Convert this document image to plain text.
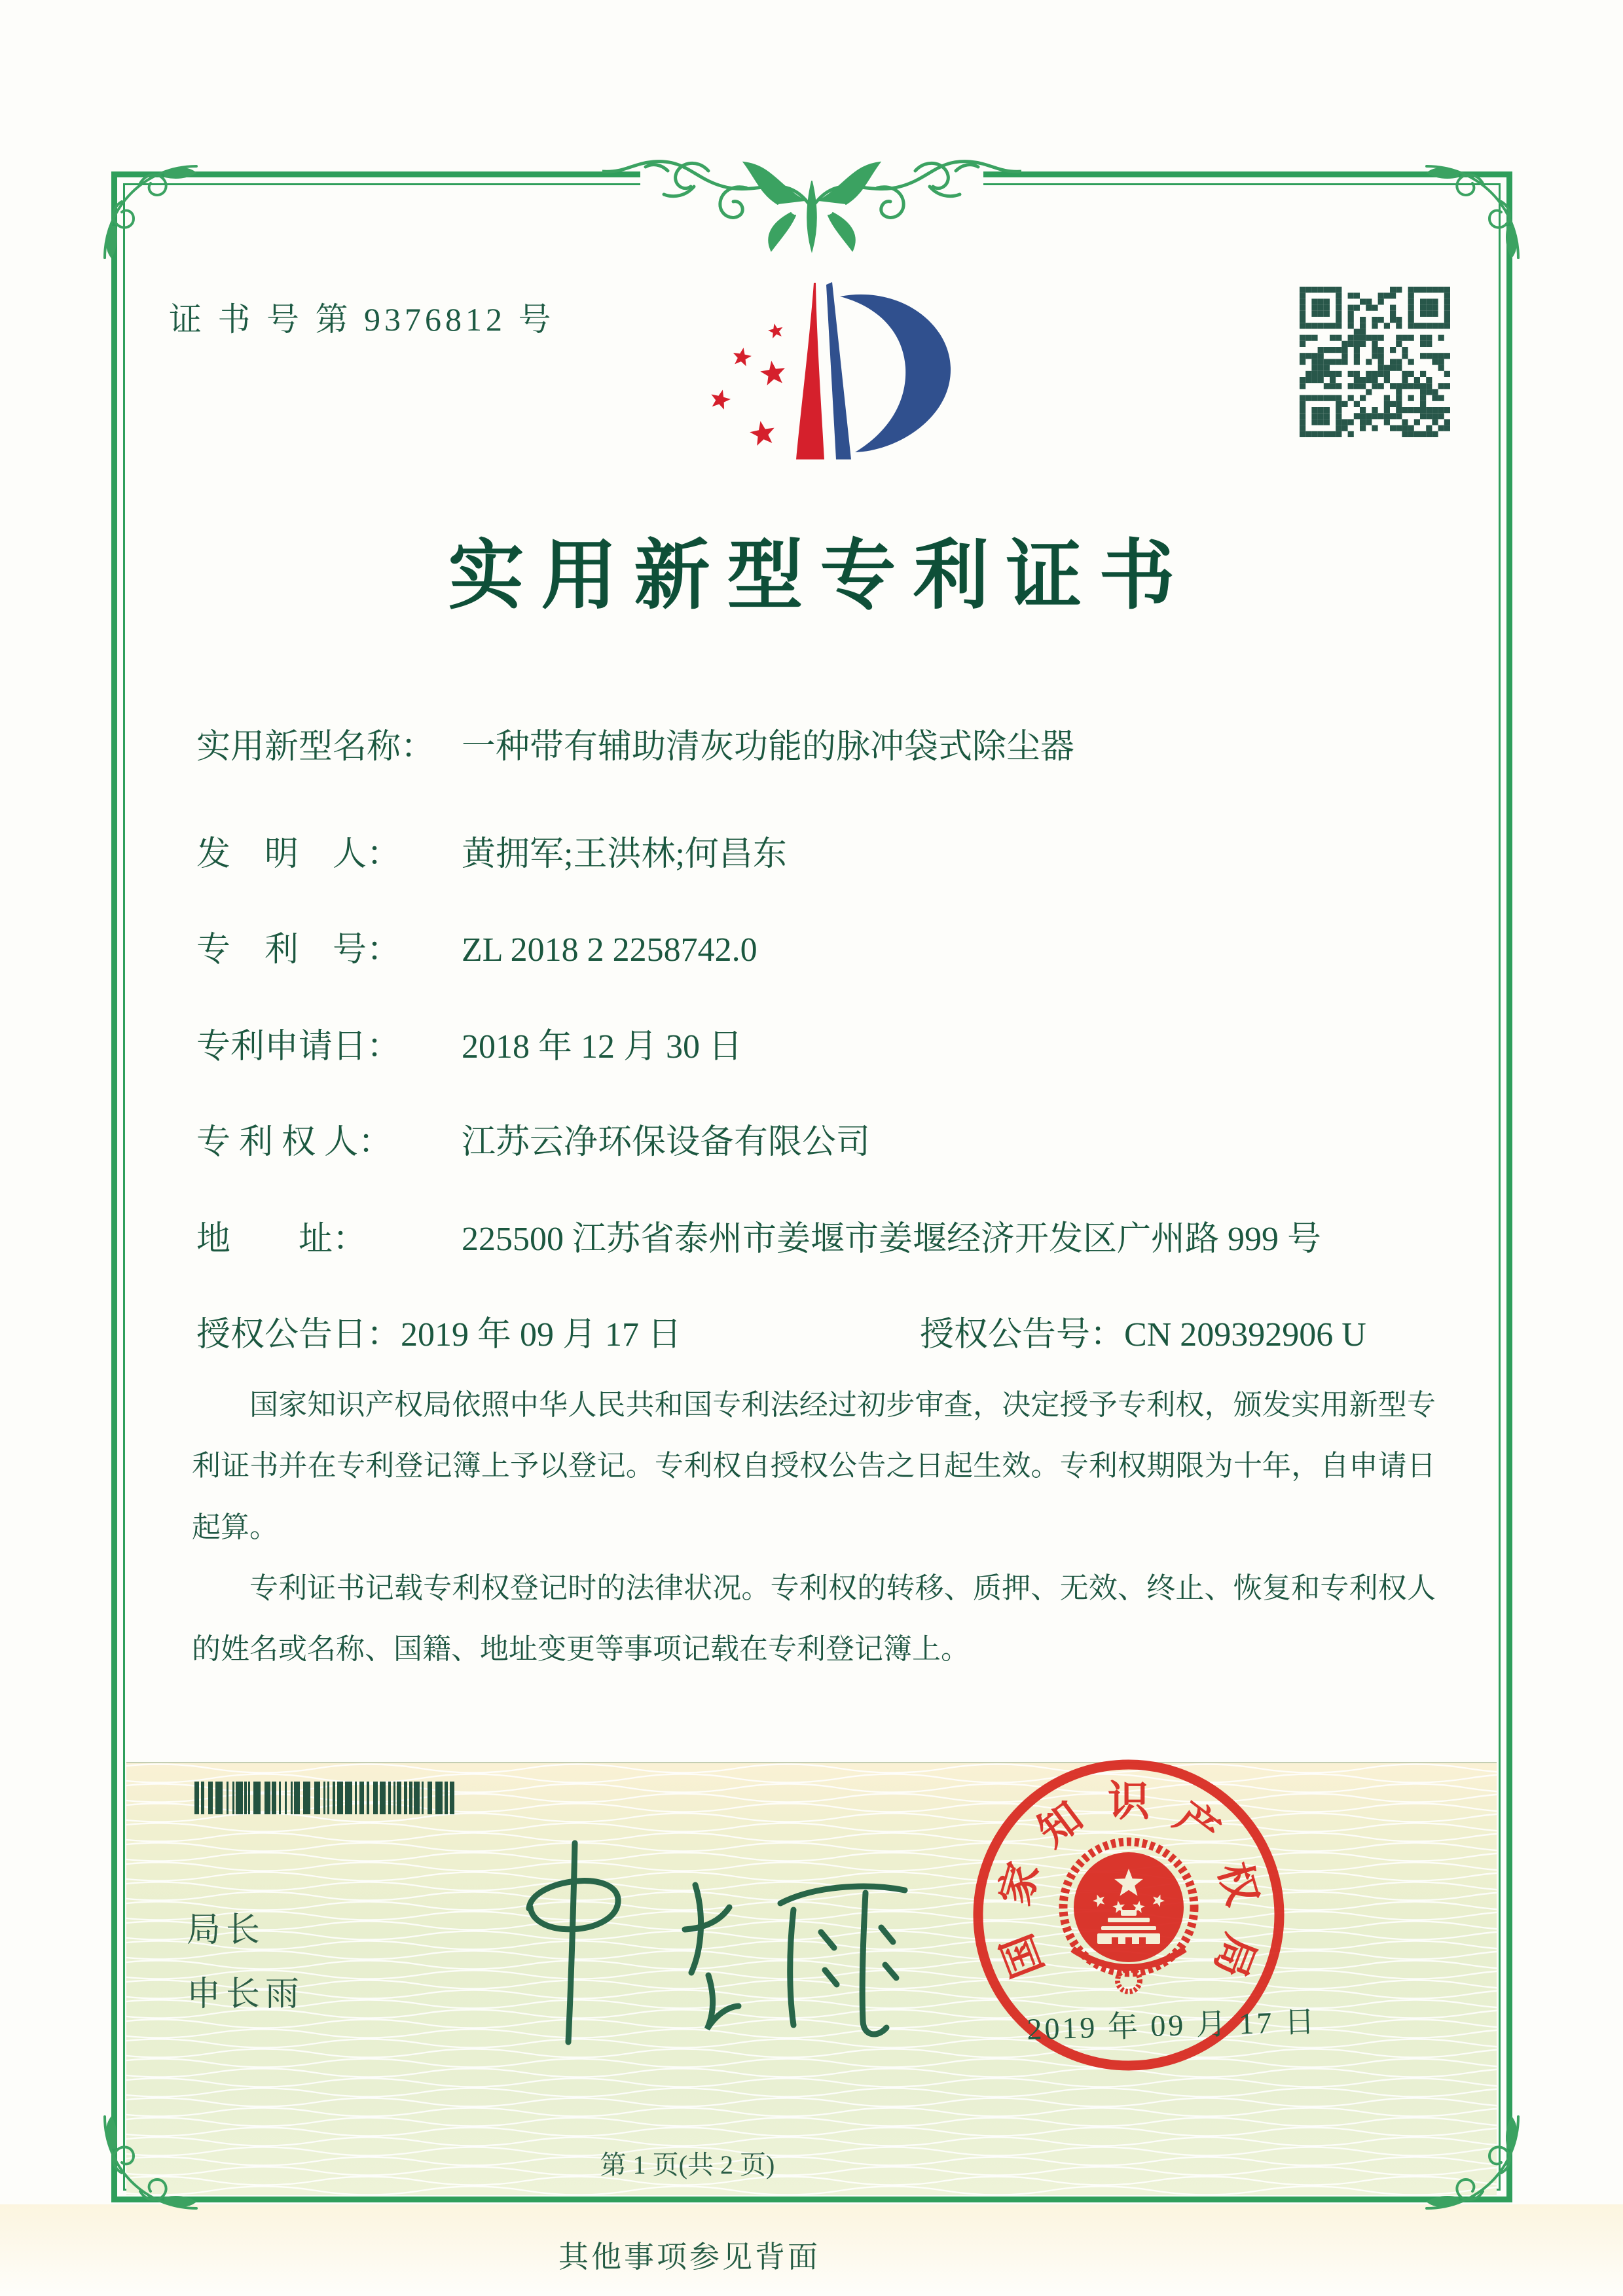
证 书 号 第 9376812 号
实用新型专利证书
实用新型名称： 一种带有辅助清灰功能的脉冲袋式除尘器
发　明　人： 黄拥军;王洪林;何昌东
专　利　号： ZL 2018 2 2258742.0
专利申请日： 2018 年 12 月 30 日
专 利 权 人： 江苏云净环保设备有限公司
地　　址：	225500 江苏省泰州市姜堰市姜堰经济开发区广州路 999 号
授权公告日：2019 年 09 月 17 日	授权公告号：CN 209392906 U

国家知识产权局依照中华人民共和国专利法经过初步审查，决定授予专利权，颁发实用新型专利证书并在专利登记簿上予以登记。专利权自授权公告之日起生效。专利权期限为十年，自申请日起算。

专利证书记载专利权登记时的法律状况。专利权的转移、质押、无效、终止、恢复和专利权人的姓名或名称、国籍、地址变更等事项记载在专利登记簿上。

局长
申长雨
国
家
知 识 产
权
局
2019 年 09 月 17 日
第 1 页(共 2 页)
其他事项参见背面
